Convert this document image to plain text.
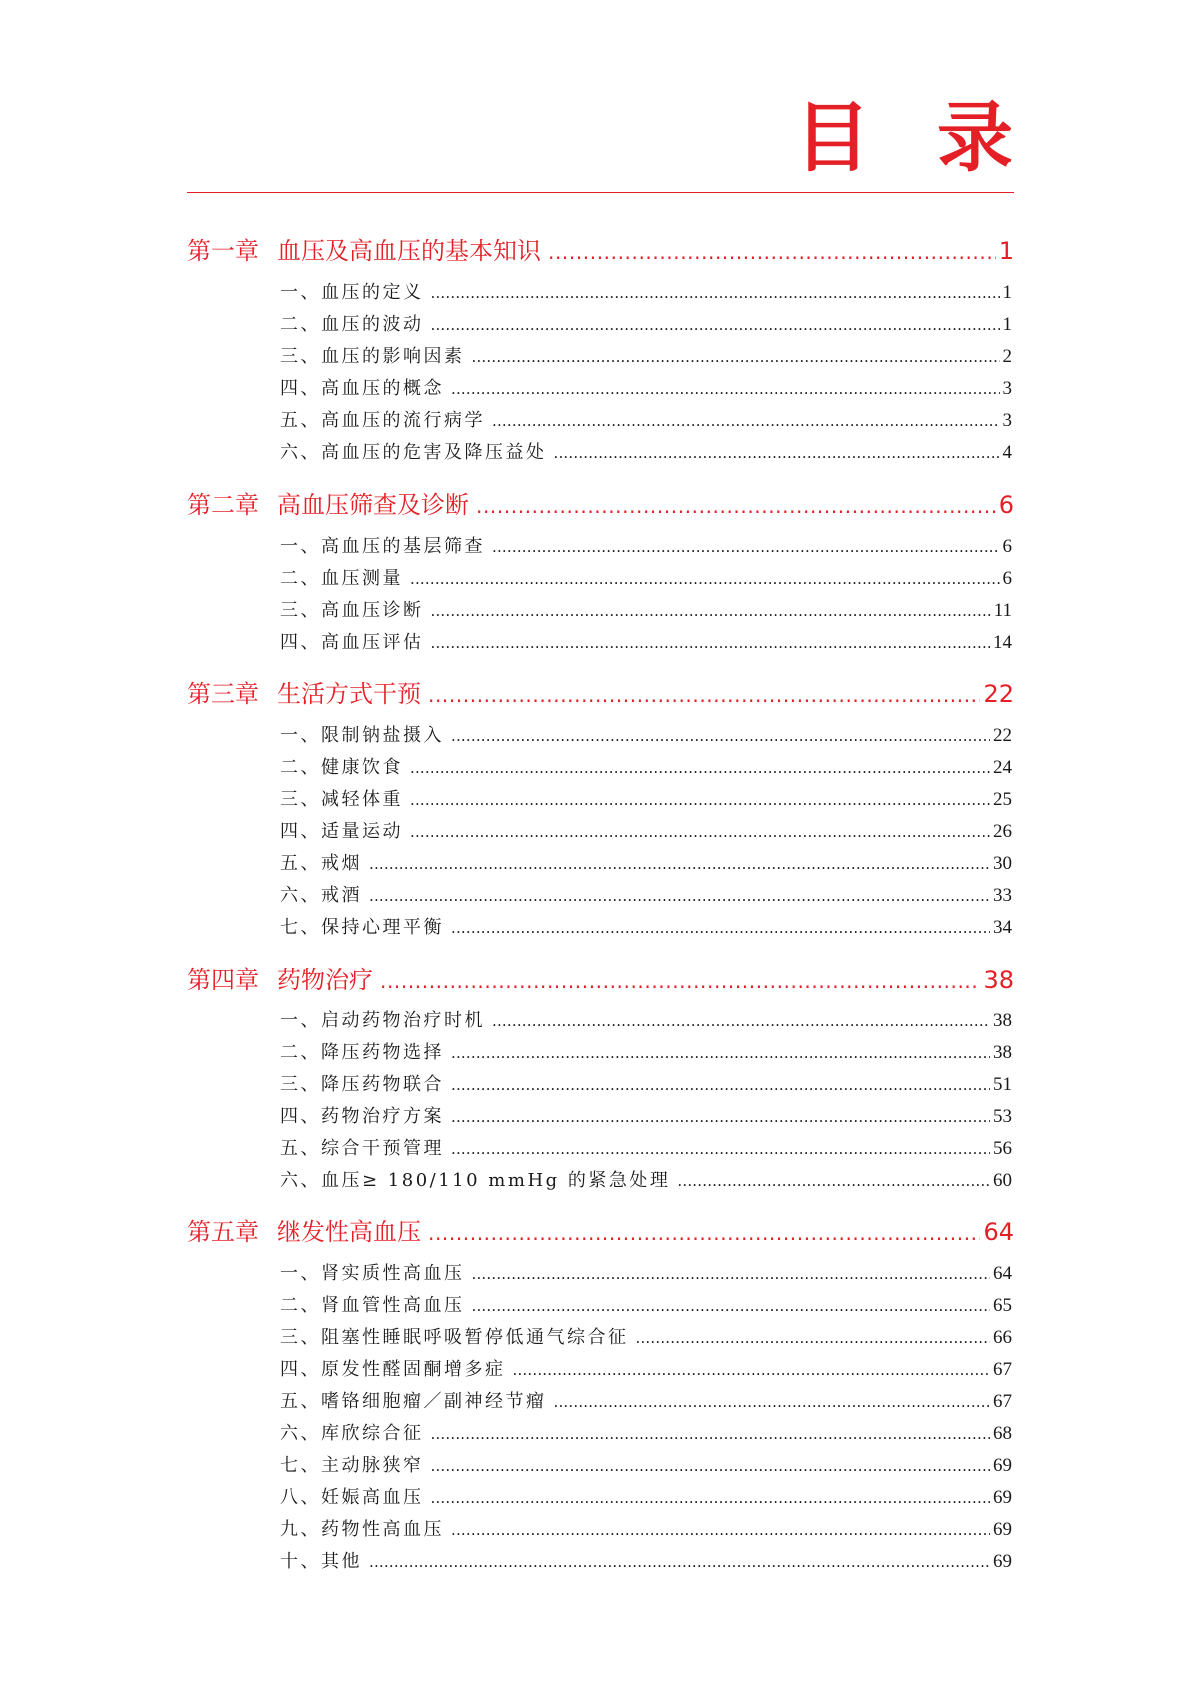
目 录
第一章 血压及高血压的基本知识 .....	1
一、血压的定义 .....	1
二、血压的波动 .....	1
三、血压的影响因素 .....	2
四、高血压的概念 .....	3
五、高血压的流行病学 .....	3
六、高血压的危害及降压益处 .....	4
第二章 高血压筛查及诊断 .....	6
一、高血压的基层筛查 .....	6
二、血压测量 .....	6
三、高血压诊断 .....	11
四、高血压评估 .....	14
第三章 生活方式干预 .....	22
一、限制钠盐摄入 .....	22
二、健康饮食 .....	24
三、减轻体重 .....	25
四、适量运动 .....	26
五、戒烟 .....	30
六、戒酒 .....	33
七、保持心理平衡 .....	34
第四章 药物治疗 .....	38
一、启动药物治疗时机 .....	38
二、降压药物选择 .....	38
三、降压药物联合 .....	51
四、药物治疗方案 .....	53
五、综合干预管理 .....	56
六、血压≥ 180/110 mmHg 的紧急处理 .....	60
第五章 继发性高血压 .....	64
一、肾实质性高血压 .....	64
二、肾血管性高血压 .....	65
三、阻塞性睡眠呼吸暂停低通气综合征 .....	66
四、原发性醛固酮增多症 .....	67
五、嗜铬细胞瘤／副神经节瘤 .....	67
六、库欣综合征 .....	68
七、主动脉狭窄 .....	69
八、妊娠高血压 .....	69
九、药物性高血压 .....	69
十、其他 .....	69
